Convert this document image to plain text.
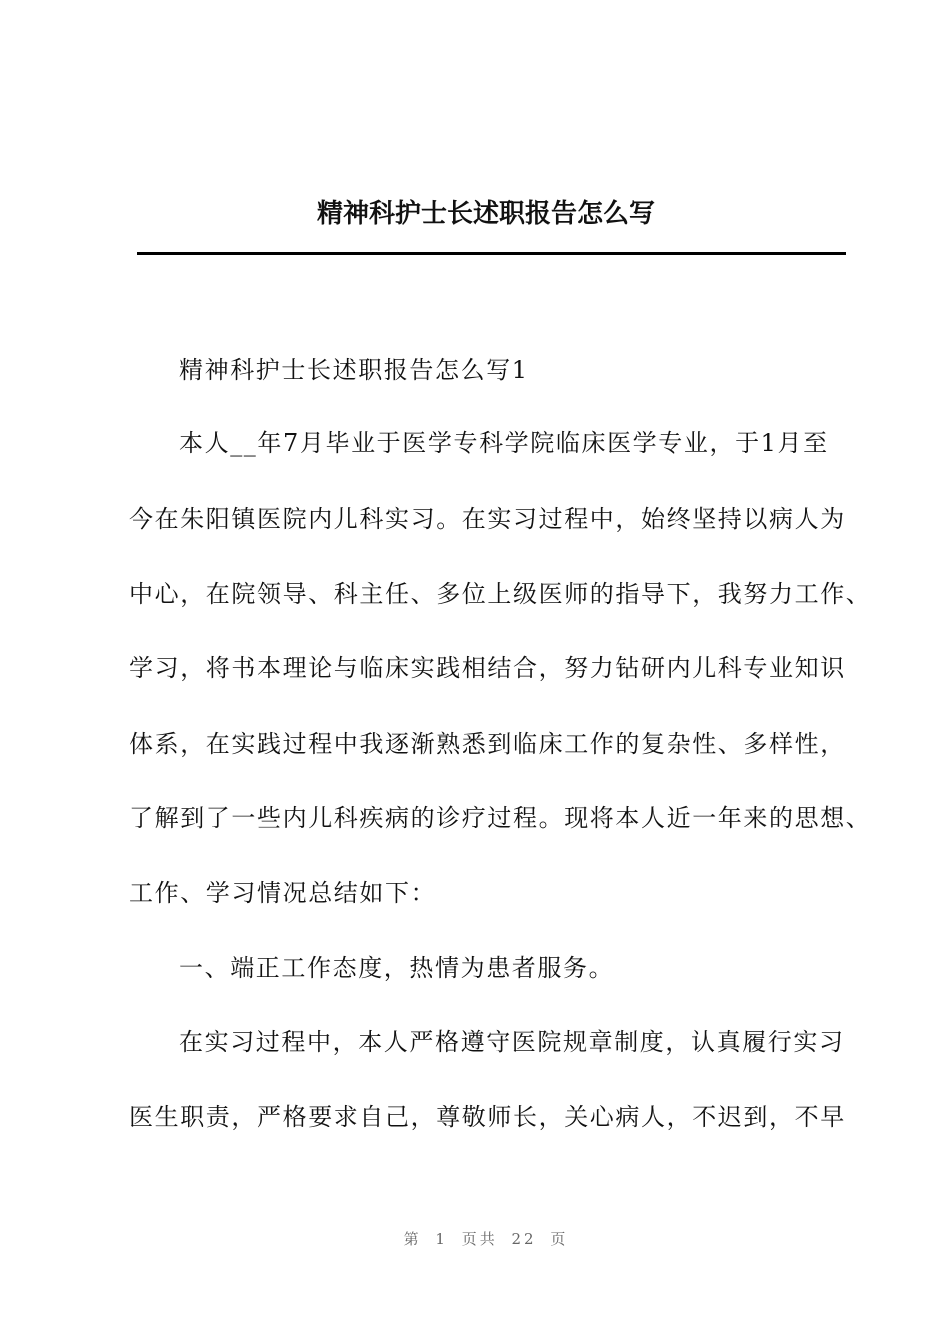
精神科护士长述职报告怎么写
精神科护士长述职报告怎么写1
本人__年7月毕业于医学专科学院临床医学专业，于1月至
今在朱阳镇医院内儿科实习。在实习过程中，始终坚持以病人为
中心，在院领导、科主任、多位上级医师的指导下，我努力工作、
学习，将书本理论与临床实践相结合，努力钻研内儿科专业知识
体系，在实践过程中我逐渐熟悉到临床工作的复杂性、多样性，
了解到了一些内儿科疾病的诊疗过程。现将本人近一年来的思想、
工作、学习情况总结如下：
一、端正工作态度，热情为患者服务。
在实习过程中，本人严格遵守医院规章制度，认真履行实习
医生职责，严格要求自己，尊敬师长，关心病人，不迟到，不早
第 1 页共 22 页
